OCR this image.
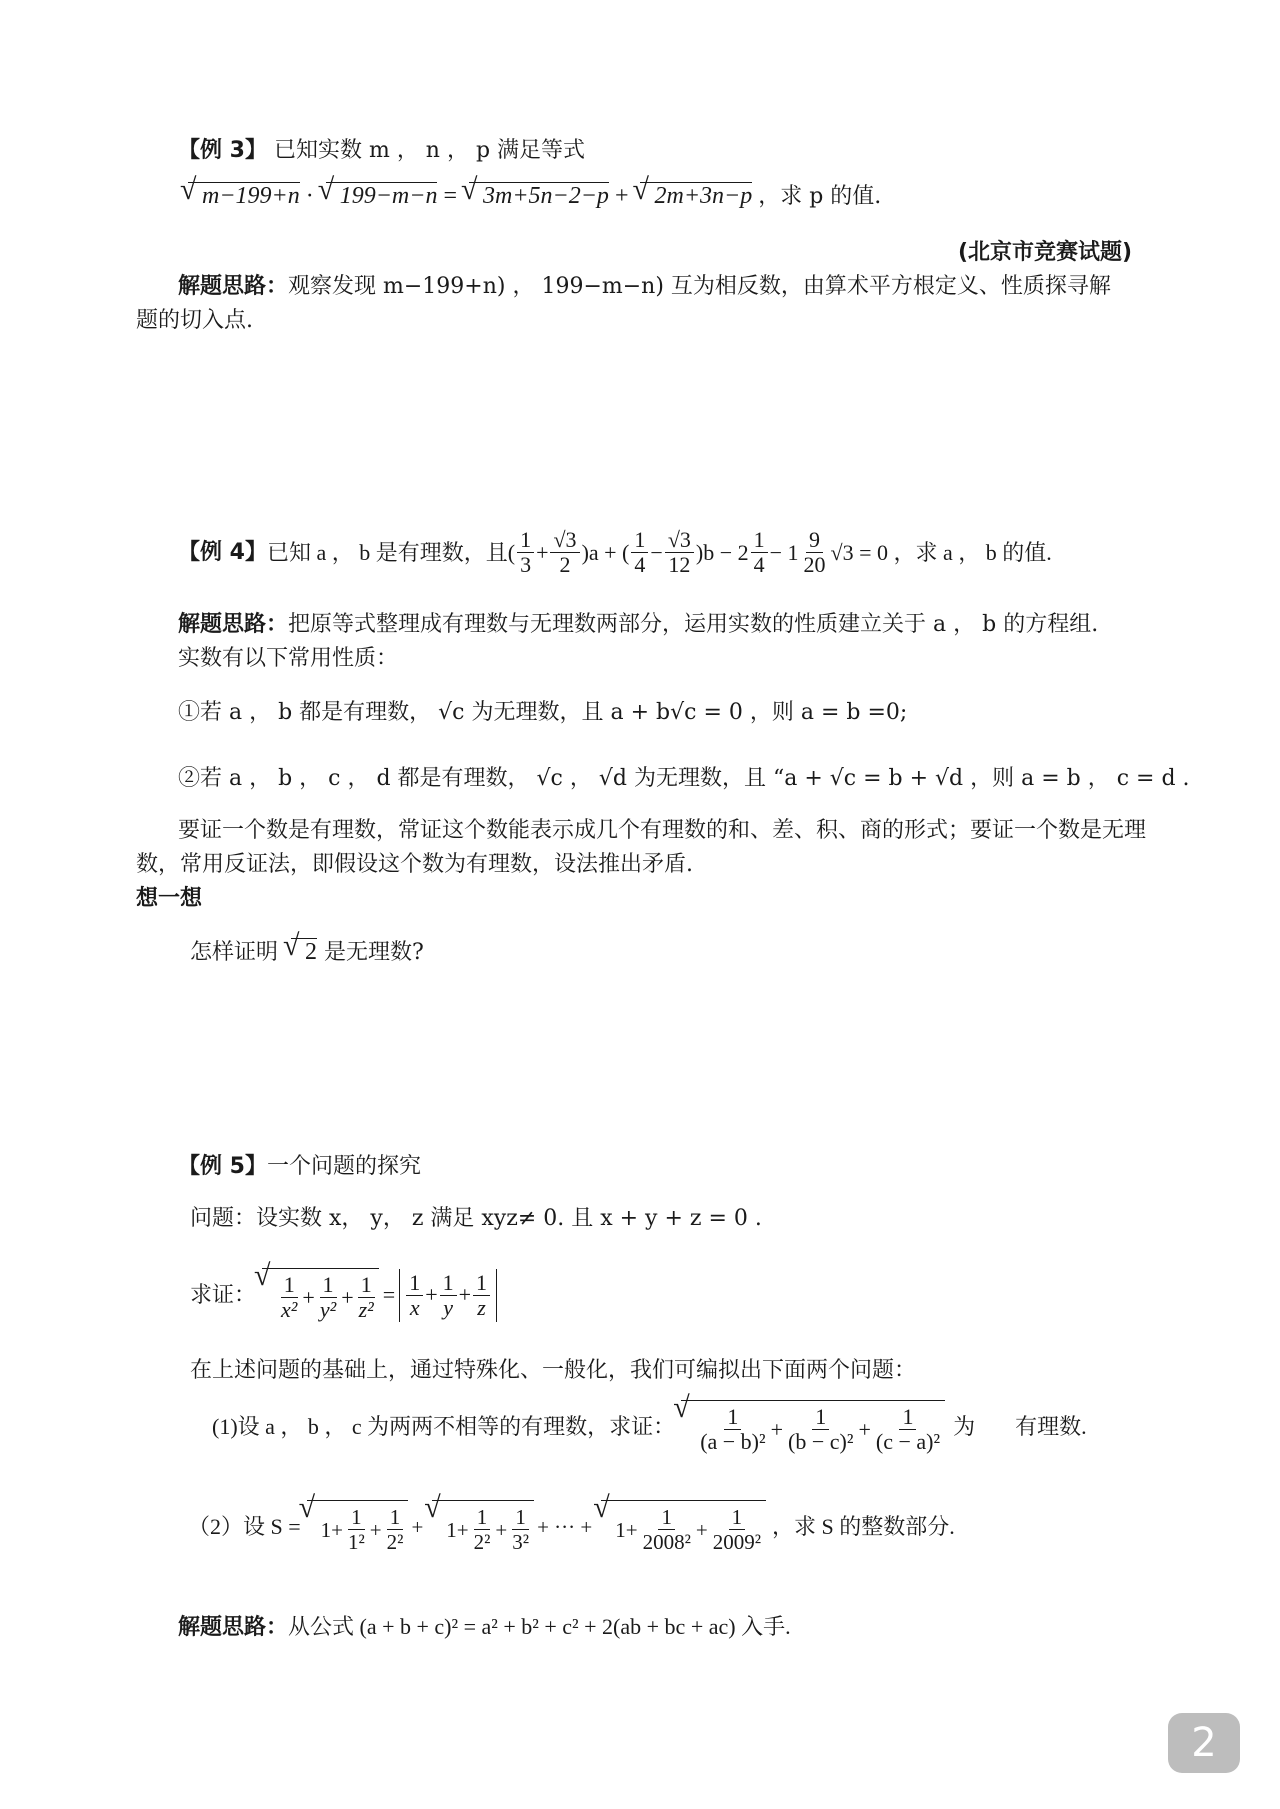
【例 3】 已知实数 m ， n ， p 满足等式
√ m−199+n · √ 199−m−n = √ 3m+5n−2−p + √ 2m+3n−p ，求 p 的值.
(北京市竞赛试题)
解题思路：观察发现 m−199+n) ， 199−m−n) 互为相反数，由算术平方根定义、性质探寻解
题的切入点.
【例 4】 已知 a ， b 是有理数，且( $\frac{1}{3} + \frac{√3}{2} )a$ + ( $\frac{1}{4} - \frac{√3}{12} )b - 2 \frac{1}{4} - 1 \frac{9}{20} √3 = 0$ ，求 a ， b 的值.
解题思路：把原等式整理成有理数与无理数两部分，运用实数的性质建立关于 a ， b 的方程组.
实数有以下常用性质：
①若 a ， b 都是有理数， √c 为无理数，且 a + b√c = 0 ，则 a = b =0;
②若 a ， b ， c ， d 都是有理数， √c ， √d 为无理数，且 “a + √c = b + √d ，则 a = b ， c = d .
要证一个数是有理数，常证这个数能表示成几个有理数的和、差、积、商的形式；要证一个数是无理
数，常用反证法，即假设这个数为有理数，设法推出矛盾.
想一想
怎样证明 √ 2 是无理数?
【例 5】一个问题的探究
问题：设实数 x， y， z 满足 xyz≠ 0. 且 x + y + z = 0 .
求证： √ $\frac{1}{\text{x²}} + \frac{1}{\text{y²}} + \frac{1}{\text{z²}} = \frac{1}{x} + \frac{1}{y} + \frac{1}{z}$
在上述问题的基础上，通过特殊化、一般化，我们可编拟出下面两个问题：
(1)设 a ， b ， c 为两两不相等的有理数，求证： √ $\frac{1}{\text{(a − b)²}} + \frac{1}{\text{(b − c)²}} + \frac{1}{\text{(c − a)²}}$ 为 有理数.
（2）设 S = √ $1 + \frac{1}{\text{1²}} + \frac{1}{\text{2²}}$ + √ $1 + \frac{1}{\text{2²}} + \frac{1}{\text{3²}}$ + ··· + √ $1 + \frac{1}{\text{2008²}} + \frac{1}{\text{2009²}}$ ，求 S 的整数部分.
解题思路：从公式 (a + b + c)² = a² + b² + c² + 2(ab + bc + ac) 入手.
2
